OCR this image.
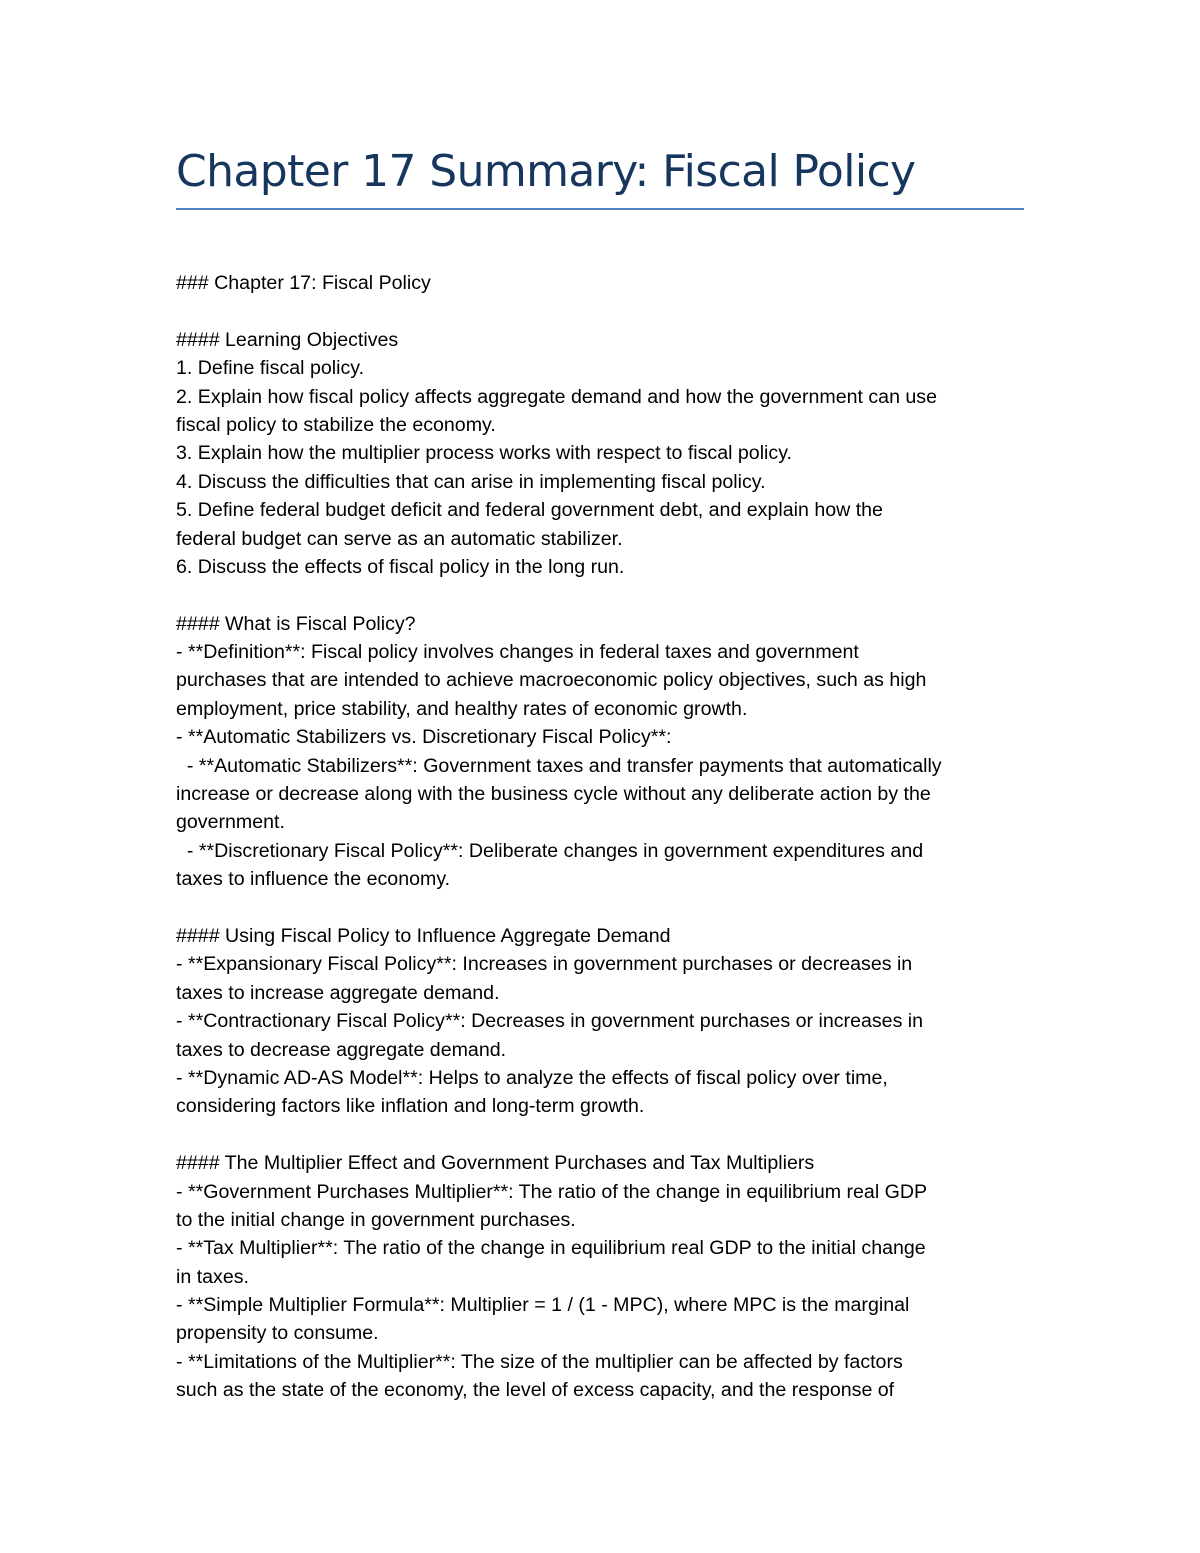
Chapter 17 Summary: Fiscal Policy
### Chapter 17: Fiscal Policy
#### Learning Objectives
1. Define fiscal policy.
2. Explain how fiscal policy affects aggregate demand and how the government can use
fiscal policy to stabilize the economy.
3. Explain how the multiplier process works with respect to fiscal policy.
4. Discuss the difficulties that can arise in implementing fiscal policy.
5. Define federal budget deficit and federal government debt, and explain how the
federal budget can serve as an automatic stabilizer.
6. Discuss the effects of fiscal policy in the long run.
#### What is Fiscal Policy?
- **Definition**: Fiscal policy involves changes in federal taxes and government
purchases that are intended to achieve macroeconomic policy objectives, such as high
employment, price stability, and healthy rates of economic growth.
- **Automatic Stabilizers vs. Discretionary Fiscal Policy**:
- **Automatic Stabilizers**: Government taxes and transfer payments that automatically
increase or decrease along with the business cycle without any deliberate action by the
government.
- **Discretionary Fiscal Policy**: Deliberate changes in government expenditures and
taxes to influence the economy.
#### Using Fiscal Policy to Influence Aggregate Demand
- **Expansionary Fiscal Policy**: Increases in government purchases or decreases in
taxes to increase aggregate demand.
- **Contractionary Fiscal Policy**: Decreases in government purchases or increases in
taxes to decrease aggregate demand.
- **Dynamic AD-AS Model**: Helps to analyze the effects of fiscal policy over time,
considering factors like inflation and long-term growth.
#### The Multiplier Effect and Government Purchases and Tax Multipliers
- **Government Purchases Multiplier**: The ratio of the change in equilibrium real GDP
to the initial change in government purchases.
- **Tax Multiplier**: The ratio of the change in equilibrium real GDP to the initial change
in taxes.
- **Simple Multiplier Formula**: Multiplier = 1 / (1 - MPC), where MPC is the marginal
propensity to consume.
- **Limitations of the Multiplier**: The size of the multiplier can be affected by factors
such as the state of the economy, the level of excess capacity, and the response of
